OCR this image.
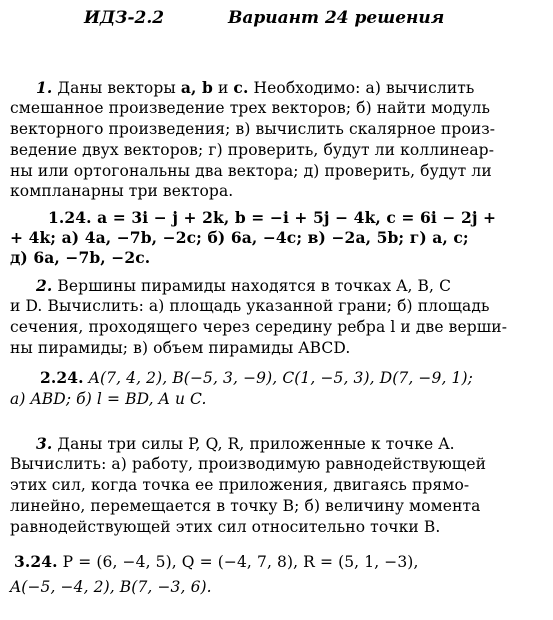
ИДЗ-2.2	Вариант 24 решения
1. Даны векторы a, b и c. Необходимо: а) вычислить
смешанное произведение трех векторов; б) найти модуль
векторного произведения; в) вычислить скалярное произ-
ведение двух векторов; г) проверить, будут ли коллинеар-
ны или ортогональны два вектора; д) проверить, будут ли
компланарны три вектора.
1.24. a = 3i − j + 2k, b = −i + 5j − 4k, c = 6i − 2j +
+ 4k; а) 4a, −7b, −2c; б) 6a, −4c; в) −2a, 5b; г) a, c;
д) 6a, −7b, −2c.
2. Вершины пирамиды находятся в точках A, B, C
и D. Вычислить: а) площадь указанной грани; б) площадь
сечения, проходящего через середину ребра l и две верши-
ны пирамиды; в) объем пирамиды ABCD.
2.24. A(7, 4, 2), B(−5, 3, −9), C(1, −5, 3), D(7, −9, 1);
а) ABD; б) l = BD, A и C.
3. Даны три силы P, Q, R, приложенные к точке A.
Вычислить: а) работу, производимую равнодействующей
этих сил, когда точка ее приложения, двигаясь прямо-
линейно, перемещается в точку B; б) величину момента
равнодействующей этих сил относительно точки B.
3.24. P = (6, −4, 5), Q = (−4, 7, 8), R = (5, 1, −3),
A(−5, −4, 2), B(7, −3, 6).
